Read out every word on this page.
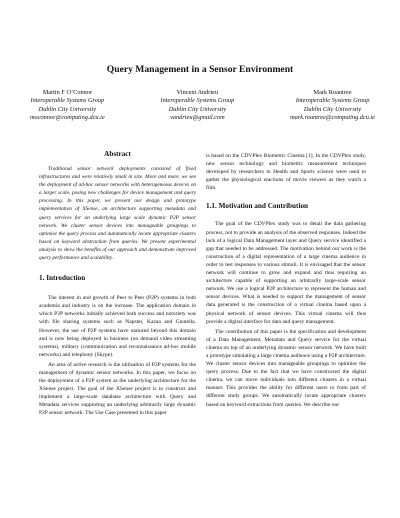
Query Management in a Sensor Environment
Martin F O’Connor
Interoperable Systems Group
Dublin City University
moconnor@computing.dcu.ie
Vincent Andrieu
Interoperable Systems Group
Dublin City University
vandrieu@gmail.com
Mark Roantree
Interoperable Systems Group
Dublin City University
mark.roantree@computing.dcu.ie
Abstract

Traditional sensor network deployments consisted of fixed infrastructures and were relatively small in size. More and more, we see the deployment of ad-hoc sensor networks with heterogeneous devices on a larger scale, posing new challenges for device management and query processing. In this paper, we present our design and prototype implementation of XSense, an architecture supporting metadata and query services for an underlying large scale dynamic P2P sensor network. We cluster sensor devices into manageable groupings to optimise the query process and automatically locate appropriate clusters based on keyword abstraction from queries. We present experimental analysis to show the benefits of our approach and demonstrate improved query performance and scalability.

1. Introduction

The interest in and growth of Peer to Peer (P2P) systems in both academia and industry is on the increase. The application domain in which P2P networks initially achieved both success and notoriety was with file sharing systems such as Napster, Kazaa and Gnutella. However, the use of P2P systems have matured beyond this domain and is now being deployed in business (on demand video streaming systems), military (communication and reconnaissance ad-hoc mobile networks) and telephony (Skype).

An area of active research is the utilisation of P2P systems for the management of dynamic sensor networks. In this paper, we focus on the deployment of a P2P system as the underlying architecture for the XSense project. The goal of the XSense project is to construct and implement a large-scale database architecture with Query and Metadata services supporting an underlying arbitrarily large dynamic P2P sensor network. The Use Case presented in this paper

is based on the CDVPlex Biometric Cinema [1]. In the CDVPlex study, new sensor technology and biometric measurement techniques developed by researchers in Health and Sports science were used to gather the physiological reactions of movie viewers as they watch a film.

1.1. Motivation and Contribution

The goal of the CDVPlex study was to detail the data gathering process, not to provide an analysis of the observed responses. Indeed the lack of a logical Data Management layer and Query service identified a gap that needed to be addressed. The motivation behind our work is the construction of a digital representation of a large cinema audience in order to test responses to various stimuli. It is envisaged that the sensor network will continue to grow and expand and thus requiring an architecture capable of supporting an arbitrarily large-scale sensor network. We use a logical P2P architecture to represent the human and sensor devices. What is needed to support the management of sensor data generated is the construction of a virtual cinema based upon a physical network of sensor devices. This virtual cinema will thus provide a digital interface for data and query management.

The contribution of this paper is the specification and development of a Data Management, Metadata and Query service for the virtual cinema on top of an underlying dynamic sensor network. We have built a prototype simulating a large cinema audience using a P2P architecture. We cluster sensor devices into manageable groupings to optimise the query process. Due to the fact that we have constructed the digital cinema, we can move individuals into different clusters in a virtual manner. This provides the ability for different users to form part of different study groups. We automatically locate appropriate clusters based on keyword extractions from queries. We describe our
